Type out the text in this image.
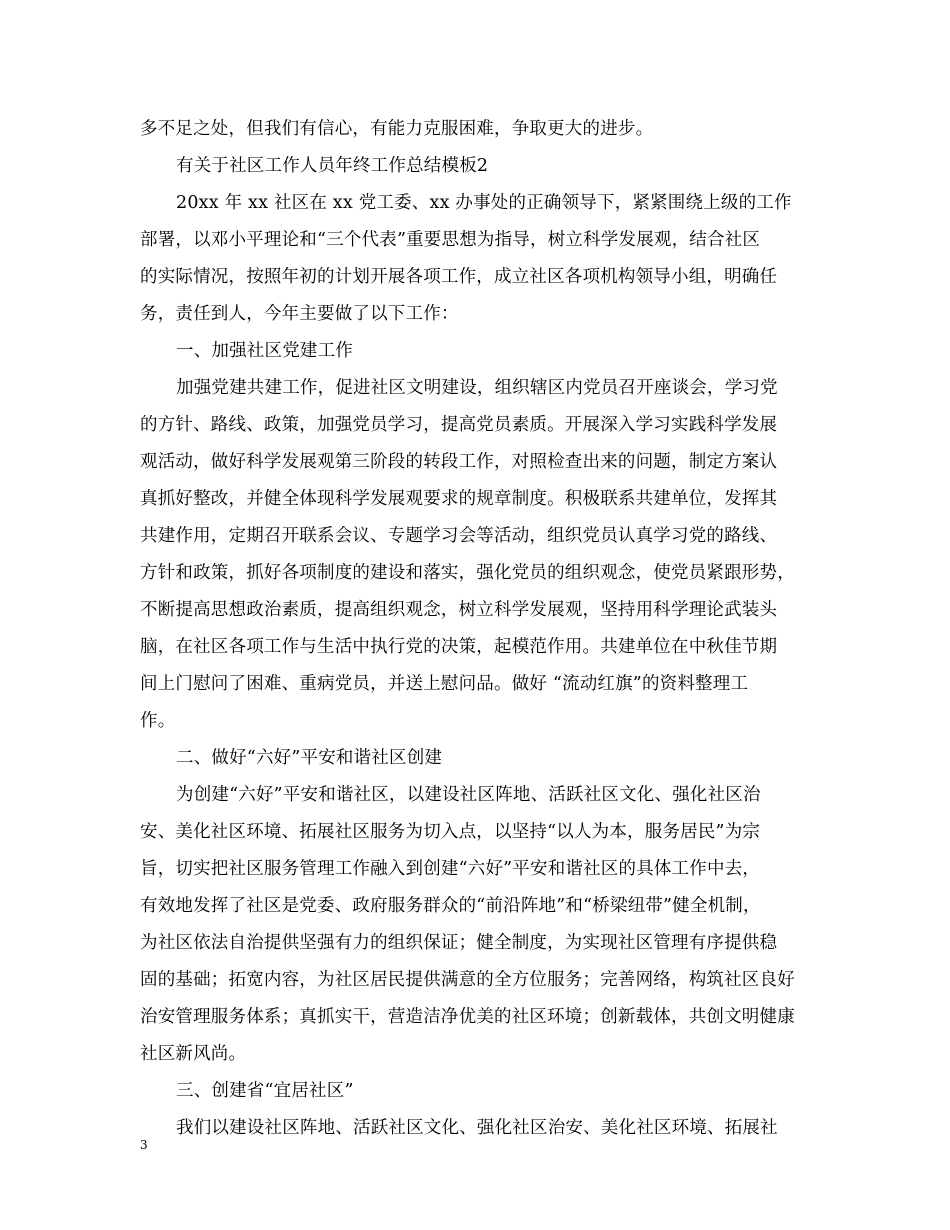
多不足之处，但我们有信心，有能力克服困难，争取更大的进步。
有关于社区工作人员年终工作总结模板2
20xx 年 xx 社区在 xx 党工委、xx 办事处的正确领导下，紧紧围绕上级的工作
部署，以邓小平理论和“三个代表”重要思想为指导，树立科学发展观，结合社区
的实际情况，按照年初的计划开展各项工作，成立社区各项机构领导小组，明确任
务，责任到人，今年主要做了以下工作：
一、加强社区党建工作
加强党建共建工作，促进社区文明建设，组织辖区内党员召开座谈会，学习党
的方针、路线、政策，加强党员学习，提高党员素质。开展深入学习实践科学发展
观活动，做好科学发展观第三阶段的转段工作，对照检查出来的问题，制定方案认
真抓好整改，并健全体现科学发展观要求的规章制度。积极联系共建单位，发挥其
共建作用，定期召开联系会议、专题学习会等活动，组织党员认真学习党的路线、
方针和政策，抓好各项制度的建设和落实，强化党员的组织观念，使党员紧跟形势，
不断提高思想政治素质，提高组织观念，树立科学发展观，坚持用科学理论武装头
脑，在社区各项工作与生活中执行党的决策，起模范作用。共建单位在中秋佳节期
间上门慰问了困难、重病党员，并送上慰问品。做好 “流动红旗”的资料整理工
作。
二、做好“六好”平安和谐社区创建
为创建“六好”平安和谐社区，以建设社区阵地、活跃社区文化、强化社区治
安、美化社区环境、拓展社区服务为切入点，以坚持“以人为本，服务居民”为宗
旨，切实把社区服务管理工作融入到创建“六好”平安和谐社区的具体工作中去，
有效地发挥了社区是党委、政府服务群众的“前沿阵地”和“桥梁纽带”健全机制，
为社区依法自治提供坚强有力的组织保证；健全制度，为实现社区管理有序提供稳
固的基础；拓宽内容，为社区居民提供满意的全方位服务；完善网络，构筑社区良好
治安管理服务体系；真抓实干，营造洁净优美的社区环境；创新载体，共创文明健康
社区新风尚。
三、创建省“宜居社区”
我们以建设社区阵地、活跃社区文化、强化社区治安、美化社区环境、拓展社
3
